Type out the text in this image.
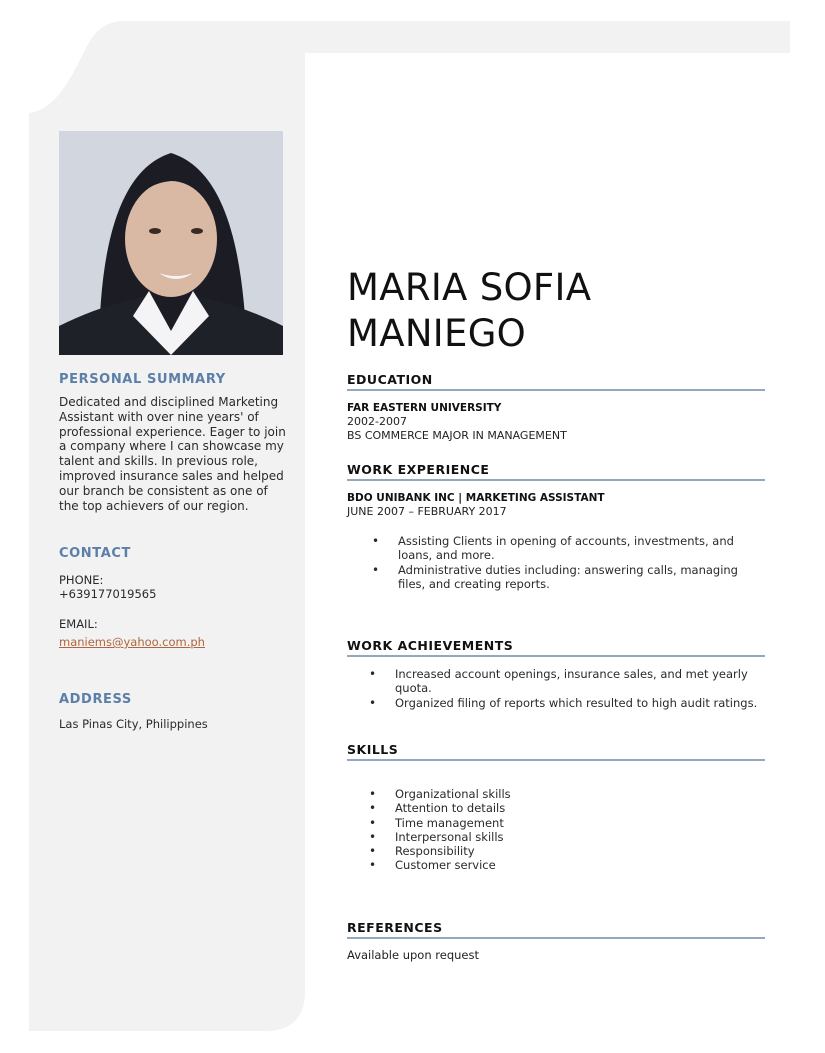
PERSONAL SUMMARY
Dedicated and disciplined Marketing Assistant with over nine years' of professional experience. Eager to join a company where I can showcase my talent and skills. In previous role, improved insurance sales and helped our branch be consistent as one of the top achievers of our region.
CONTACT
PHONE:
+639177019565
EMAIL:
maniems@yahoo.com.ph
ADDRESS
Las Pinas City, Philippines
MARIA SOFIA
MANIEGO
EDUCATION
FAR EASTERN UNIVERSITY
2002-2007
BS COMMERCE MAJOR IN MANAGEMENT
WORK EXPERIENCE
BDO UNIBANK INC | MARKETING ASSISTANT
JUNE 2007 – FEBRUARY 2017
• Assisting Clients in opening of accounts, investments, and loans, and more.
• Administrative duties including: answering calls, managing files, and creating reports.
WORK ACHIEVEMENTS
• Increased account openings, insurance sales, and met yearly quota.
• Organized filing of reports which resulted to high audit ratings.
SKILLS
• Organizational skills
• Attention to details
• Time management
• Interpersonal skills
• Responsibility
• Customer service
REFERENCES
Available upon request
